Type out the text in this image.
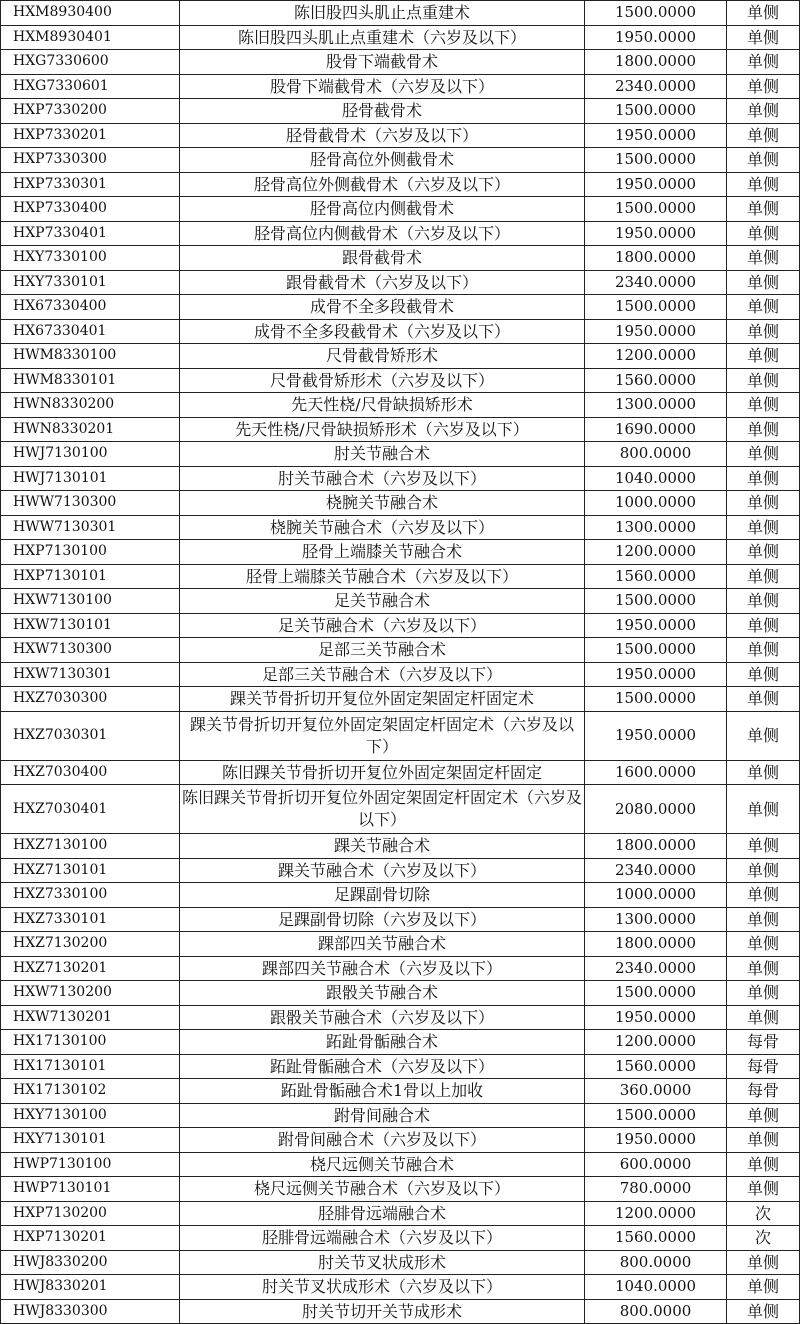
HXM8930400	陈旧股四头肌止点重建术	1500.0000	单侧
HXM8930401	陈旧股四头肌止点重建术（六岁及以下）	1950.0000	单侧
HXG7330600	股骨下端截骨术	1800.0000	单侧
HXG7330601	股骨下端截骨术（六岁及以下）	2340.0000	单侧
HXP7330200	胫骨截骨术	1500.0000	单侧
HXP7330201	胫骨截骨术（六岁及以下）	1950.0000	单侧
HXP7330300	胫骨高位外侧截骨术	1500.0000	单侧
HXP7330301	胫骨高位外侧截骨术（六岁及以下）	1950.0000	单侧
HXP7330400	胫骨高位内侧截骨术	1500.0000	单侧
HXP7330401	胫骨高位内侧截骨术（六岁及以下）	1950.0000	单侧
HXY7330100	跟骨截骨术	1800.0000	单侧
HXY7330101	跟骨截骨术（六岁及以下）	2340.0000	单侧
HX67330400	成骨不全多段截骨术	1500.0000	单侧
HX67330401	成骨不全多段截骨术（六岁及以下）	1950.0000	单侧
HWM8330100	尺骨截骨矫形术	1200.0000	单侧
HWM8330101	尺骨截骨矫形术（六岁及以下）	1560.0000	单侧
HWN8330200	先天性桡/尺骨缺损矫形术	1300.0000	单侧
HWN8330201	先天性桡/尺骨缺损矫形术（六岁及以下）	1690.0000	单侧
HWJ7130100	肘关节融合术	800.0000	单侧
HWJ7130101	肘关节融合术（六岁及以下）	1040.0000	单侧
HWW7130300	桡腕关节融合术	1000.0000	单侧
HWW7130301	桡腕关节融合术（六岁及以下）	1300.0000	单侧
HXP7130100	胫骨上端膝关节融合术	1200.0000	单侧
HXP7130101	胫骨上端膝关节融合术（六岁及以下）	1560.0000	单侧
HXW7130100	足关节融合术	1500.0000	单侧
HXW7130101	足关节融合术（六岁及以下）	1950.0000	单侧
HXW7130300	足部三关节融合术	1500.0000	单侧
HXW7130301	足部三关节融合术（六岁及以下）	1950.0000	单侧
HXZ7030300	踝关节骨折切开复位外固定架固定杆固定术	1500.0000	单侧
HXZ7030301	踝关节骨折切开复位外固定架固定杆固定术（六岁及以下）	1950.0000	单侧
HXZ7030400	陈旧踝关节骨折切开复位外固定架固定杆固定	1600.0000	单侧
HXZ7030401	陈旧踝关节骨折切开复位外固定架固定杆固定术（六岁及以下）	2080.0000	单侧
HXZ7130100	踝关节融合术	1800.0000	单侧
HXZ7130101	踝关节融合术（六岁及以下）	2340.0000	单侧
HXZ7330100	足踝副骨切除	1000.0000	单侧
HXZ7330101	足踝副骨切除（六岁及以下）	1300.0000	单侧
HXZ7130200	踝部四关节融合术	1800.0000	单侧
HXZ7130201	踝部四关节融合术（六岁及以下）	2340.0000	单侧
HXW7130200	跟骰关节融合术	1500.0000	单侧
HXW7130201	跟骰关节融合术（六岁及以下）	1950.0000	单侧
HX17130100	跖趾骨骺融合术	1200.0000	每骨
HX17130101	跖趾骨骺融合术（六岁及以下）	1560.0000	每骨
HX17130102	跖趾骨骺融合术1骨以上加收	360.0000	每骨
HXY7130100	跗骨间融合术	1500.0000	单侧
HXY7130101	跗骨间融合术（六岁及以下）	1950.0000	单侧
HWP7130100	桡尺远侧关节融合术	600.0000	单侧
HWP7130101	桡尺远侧关节融合术（六岁及以下）	780.0000	单侧
HXP7130200	胫腓骨远端融合术	1200.0000	次
HXP7130201	胫腓骨远端融合术（六岁及以下）	1560.0000	次
HWJ8330200	肘关节叉状成形术	800.0000	单侧
HWJ8330201	肘关节叉状成形术（六岁及以下）	1040.0000	单侧
HWJ8330300	肘关节切开关节成形术	800.0000	单侧
